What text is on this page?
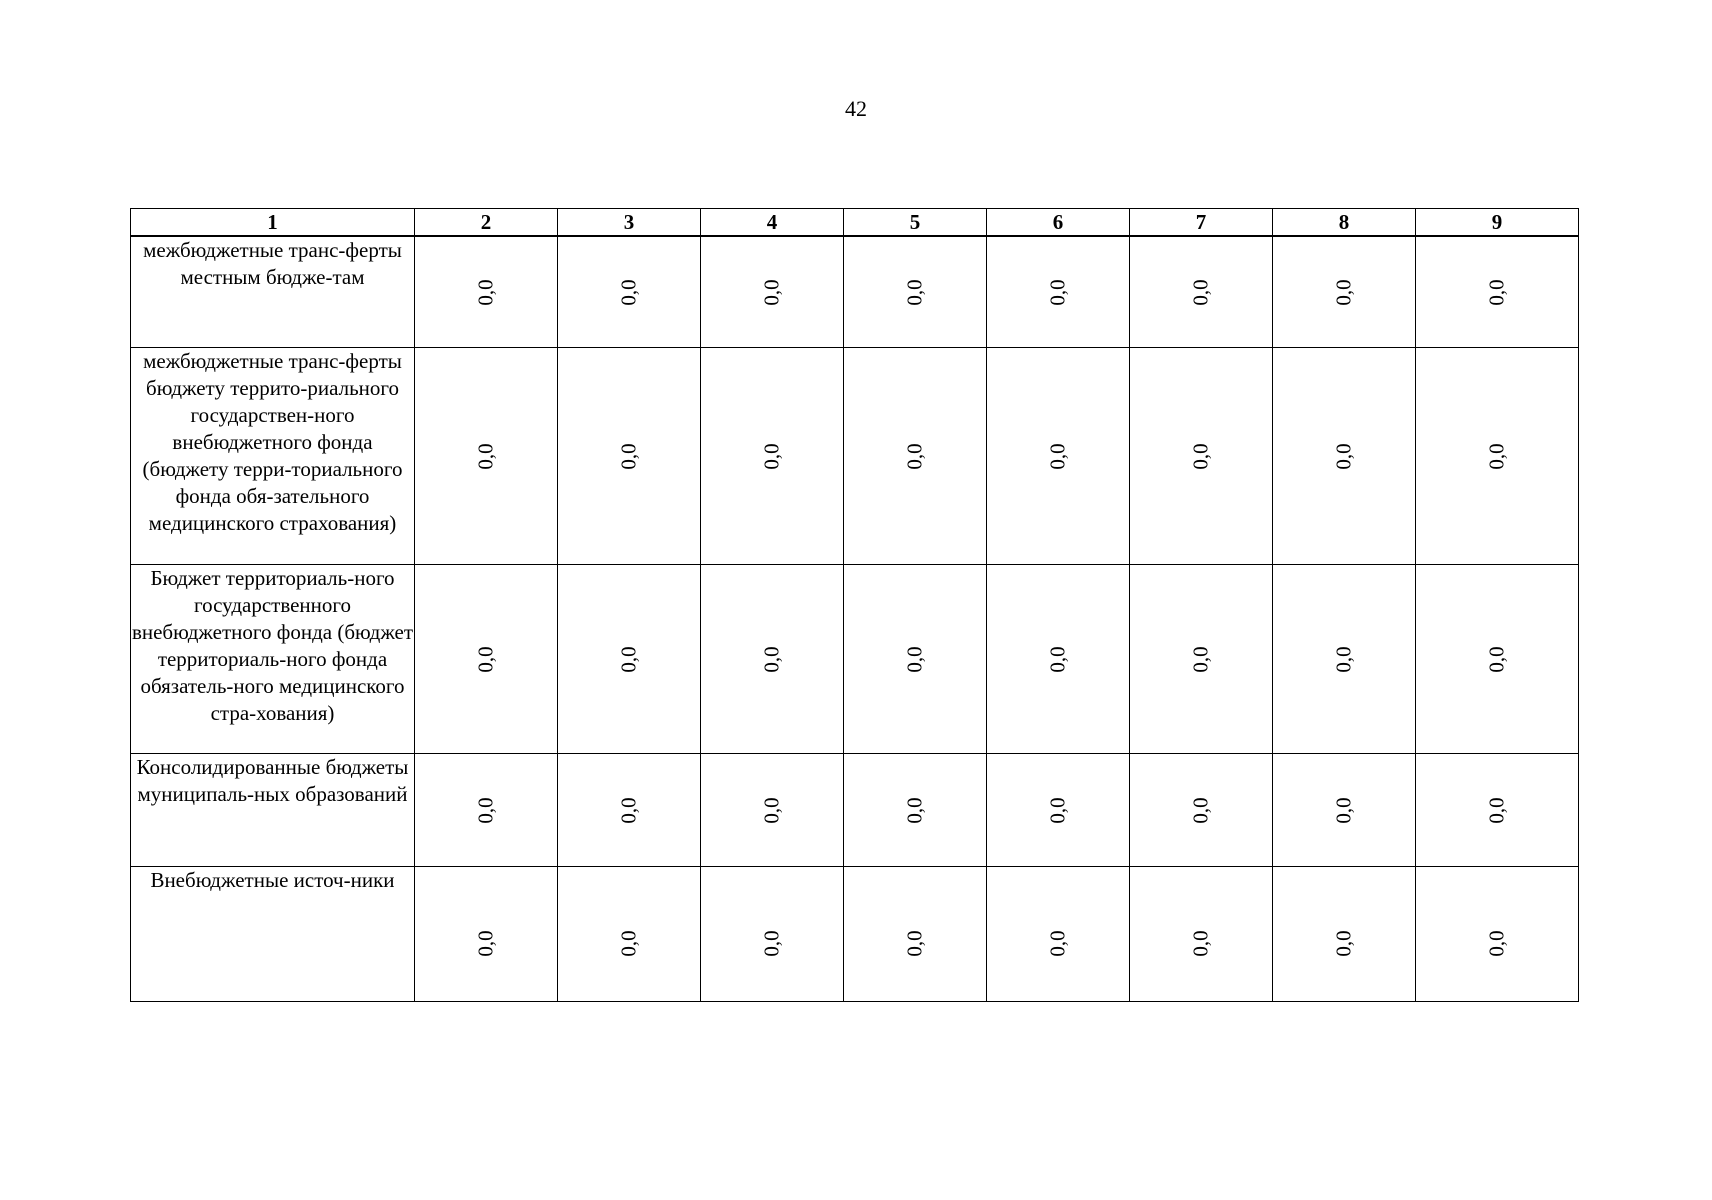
42
1	2	3	4	5	6	7	8	9
межбюджетные транс-ферты местным бюдже-там	0,0	0,0	0,0	0,0	0,0	0,0	0,0	0,0
межбюджетные транс-ферты бюджету террито-риального государствен-ного внебюджетного фонда (бюджету терри-ториального фонда обя-зательного медицинского страхования)	0,0	0,0	0,0	0,0	0,0	0,0	0,0	0,0
Бюджет территориаль-ного государственного внебюджетного фонда (бюджет территориаль-ного фонда обязатель-ного медицинского стра-хования)	0,0	0,0	0,0	0,0	0,0	0,0	0,0	0,0
Консолидированные бюджеты муниципаль-ных образований	0,0	0,0	0,0	0,0	0,0	0,0	0,0	0,0
Внебюджетные источ-ники	0,0	0,0	0,0	0,0	0,0	0,0	0,0	0,0
